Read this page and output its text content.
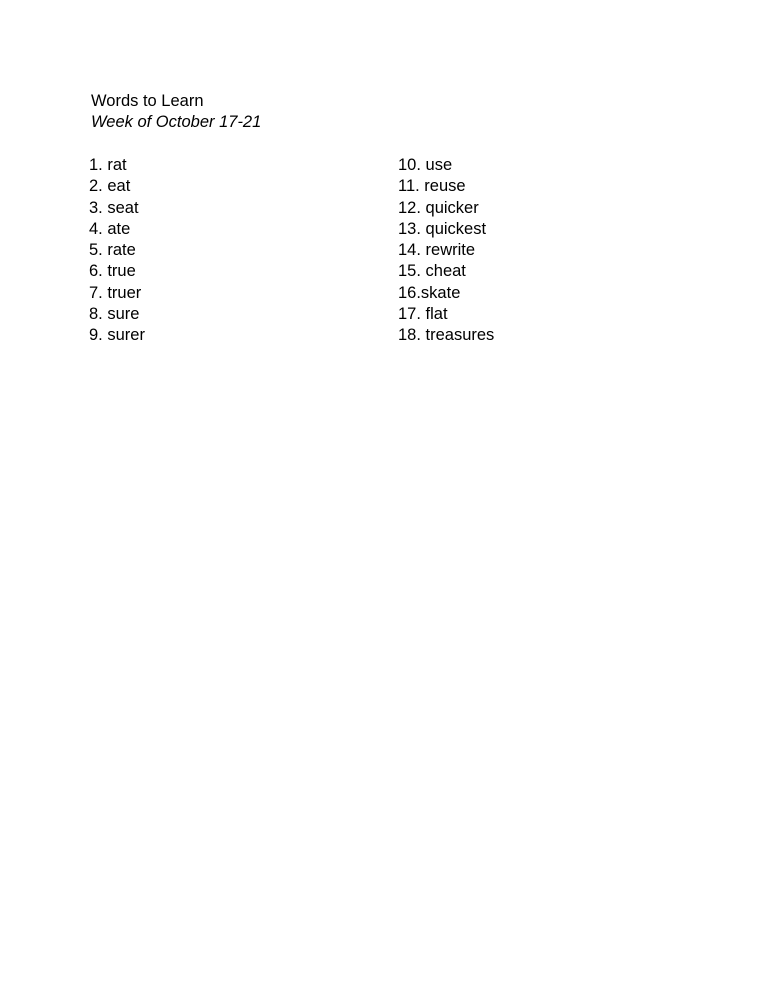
Words to Learn
Week of October 17-21
1. rat
2. eat
3. seat
4. ate
5. rate
6. true
7. truer
8. sure
9. surer
10. use
11. reuse
12. quicker
13. quickest
14. rewrite
15. cheat
16.skate
17. flat
18. treasures
